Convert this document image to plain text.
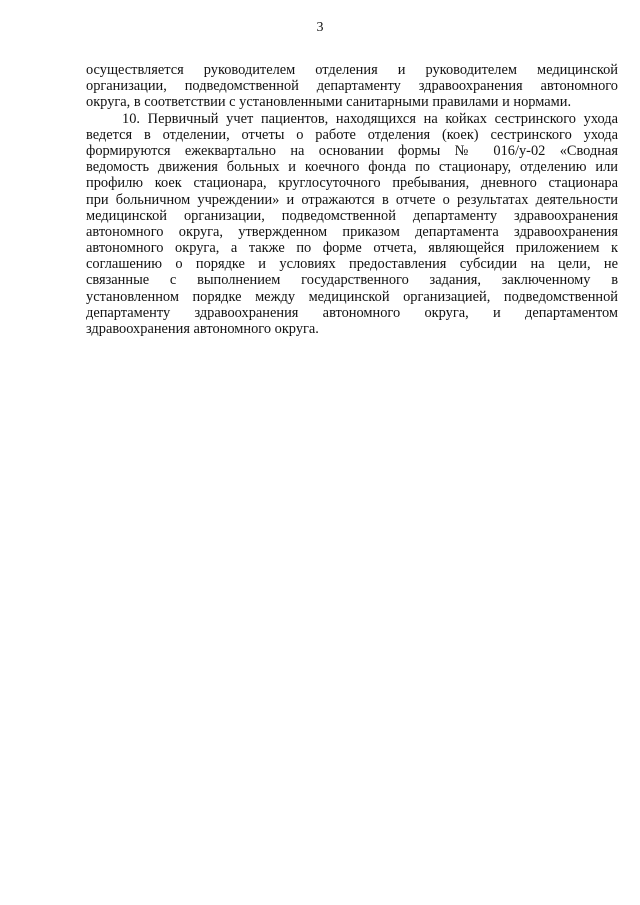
3
осуществляется руководителем отделения и руководителем медицинской
организации, подведомственной департаменту здравоохранения автономного
округа, в соответствии с установленными санитарными правилами и нормами.
10. Первичный учет пациентов, находящихся на койках сестринского ухода
ведется в отделении, отчеты о работе отделения (коек) сестринского ухода
формируются ежеквартально на основании формы № 016/у-02 «Сводная
ведомость движения больных и коечного фонда по стационару, отделению или
профилю коек стационара, круглосуточного пребывания, дневного стационара
при больничном учреждении» и отражаются в отчете о результатах деятельности
медицинской организации, подведомственной департаменту здравоохранения
автономного округа, утвержденном приказом департамента здравоохранения
автономного округа, а также по форме отчета, являющейся приложением к
соглашению о порядке и условиях предоставления субсидии на цели, не
связанные с выполнением государственного задания, заключенному в
установленном порядке между медицинской организацией, подведомственной
департаменту здравоохранения автономного округа, и департаментом
здравоохранения автономного округа.
